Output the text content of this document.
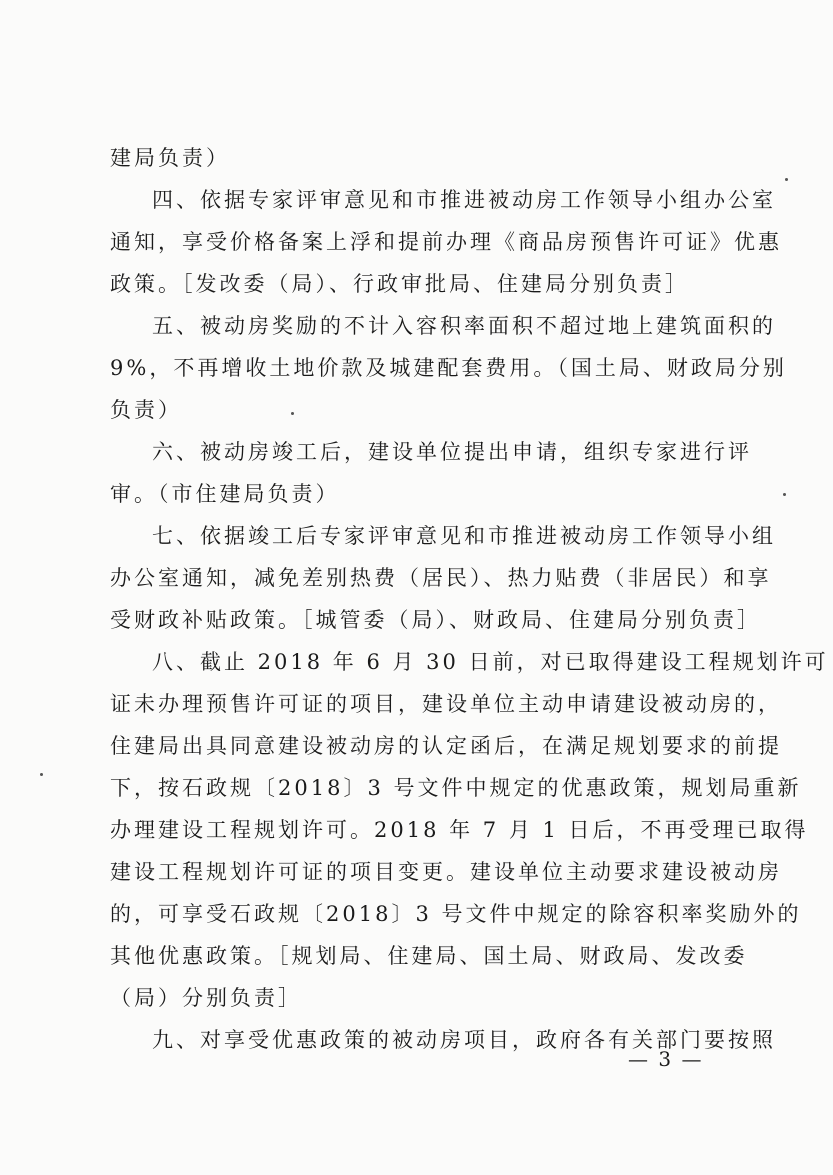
建局负责）
四、依据专家评审意见和市推进被动房工作领导小组办公室
通知，享受价格备案上浮和提前办理《商品房预售许可证》优惠
政策。［发改委（局）、行政审批局、住建局分别负责］
五、被动房奖励的不计入容积率面积不超过地上建筑面积的
9%，不再增收土地价款及城建配套费用。（国土局、财政局分别
负责）
六、被动房竣工后，建设单位提出申请，组织专家进行评
审。（市住建局负责）
七、依据竣工后专家评审意见和市推进被动房工作领导小组
办公室通知，减免差别热费（居民）、热力贴费（非居民）和享
受财政补贴政策。［城管委（局）、财政局、住建局分别负责］
八、截止 2018 年 6 月 30 日前，对已取得建设工程规划许可
证未办理预售许可证的项目，建设单位主动申请建设被动房的，
住建局出具同意建设被动房的认定函后，在满足规划要求的前提
下，按石政规〔2018〕3 号文件中规定的优惠政策，规划局重新
办理建设工程规划许可。2018 年 7 月 1 日后，不再受理已取得
建设工程规划许可证的项目变更。建设单位主动要求建设被动房
的，可享受石政规〔2018〕3 号文件中规定的除容积率奖励外的
其他优惠政策。［规划局、住建局、国土局、财政局、发改委
（局）分别负责］
九、对享受优惠政策的被动房项目，政府各有关部门要按照
— 3 —
